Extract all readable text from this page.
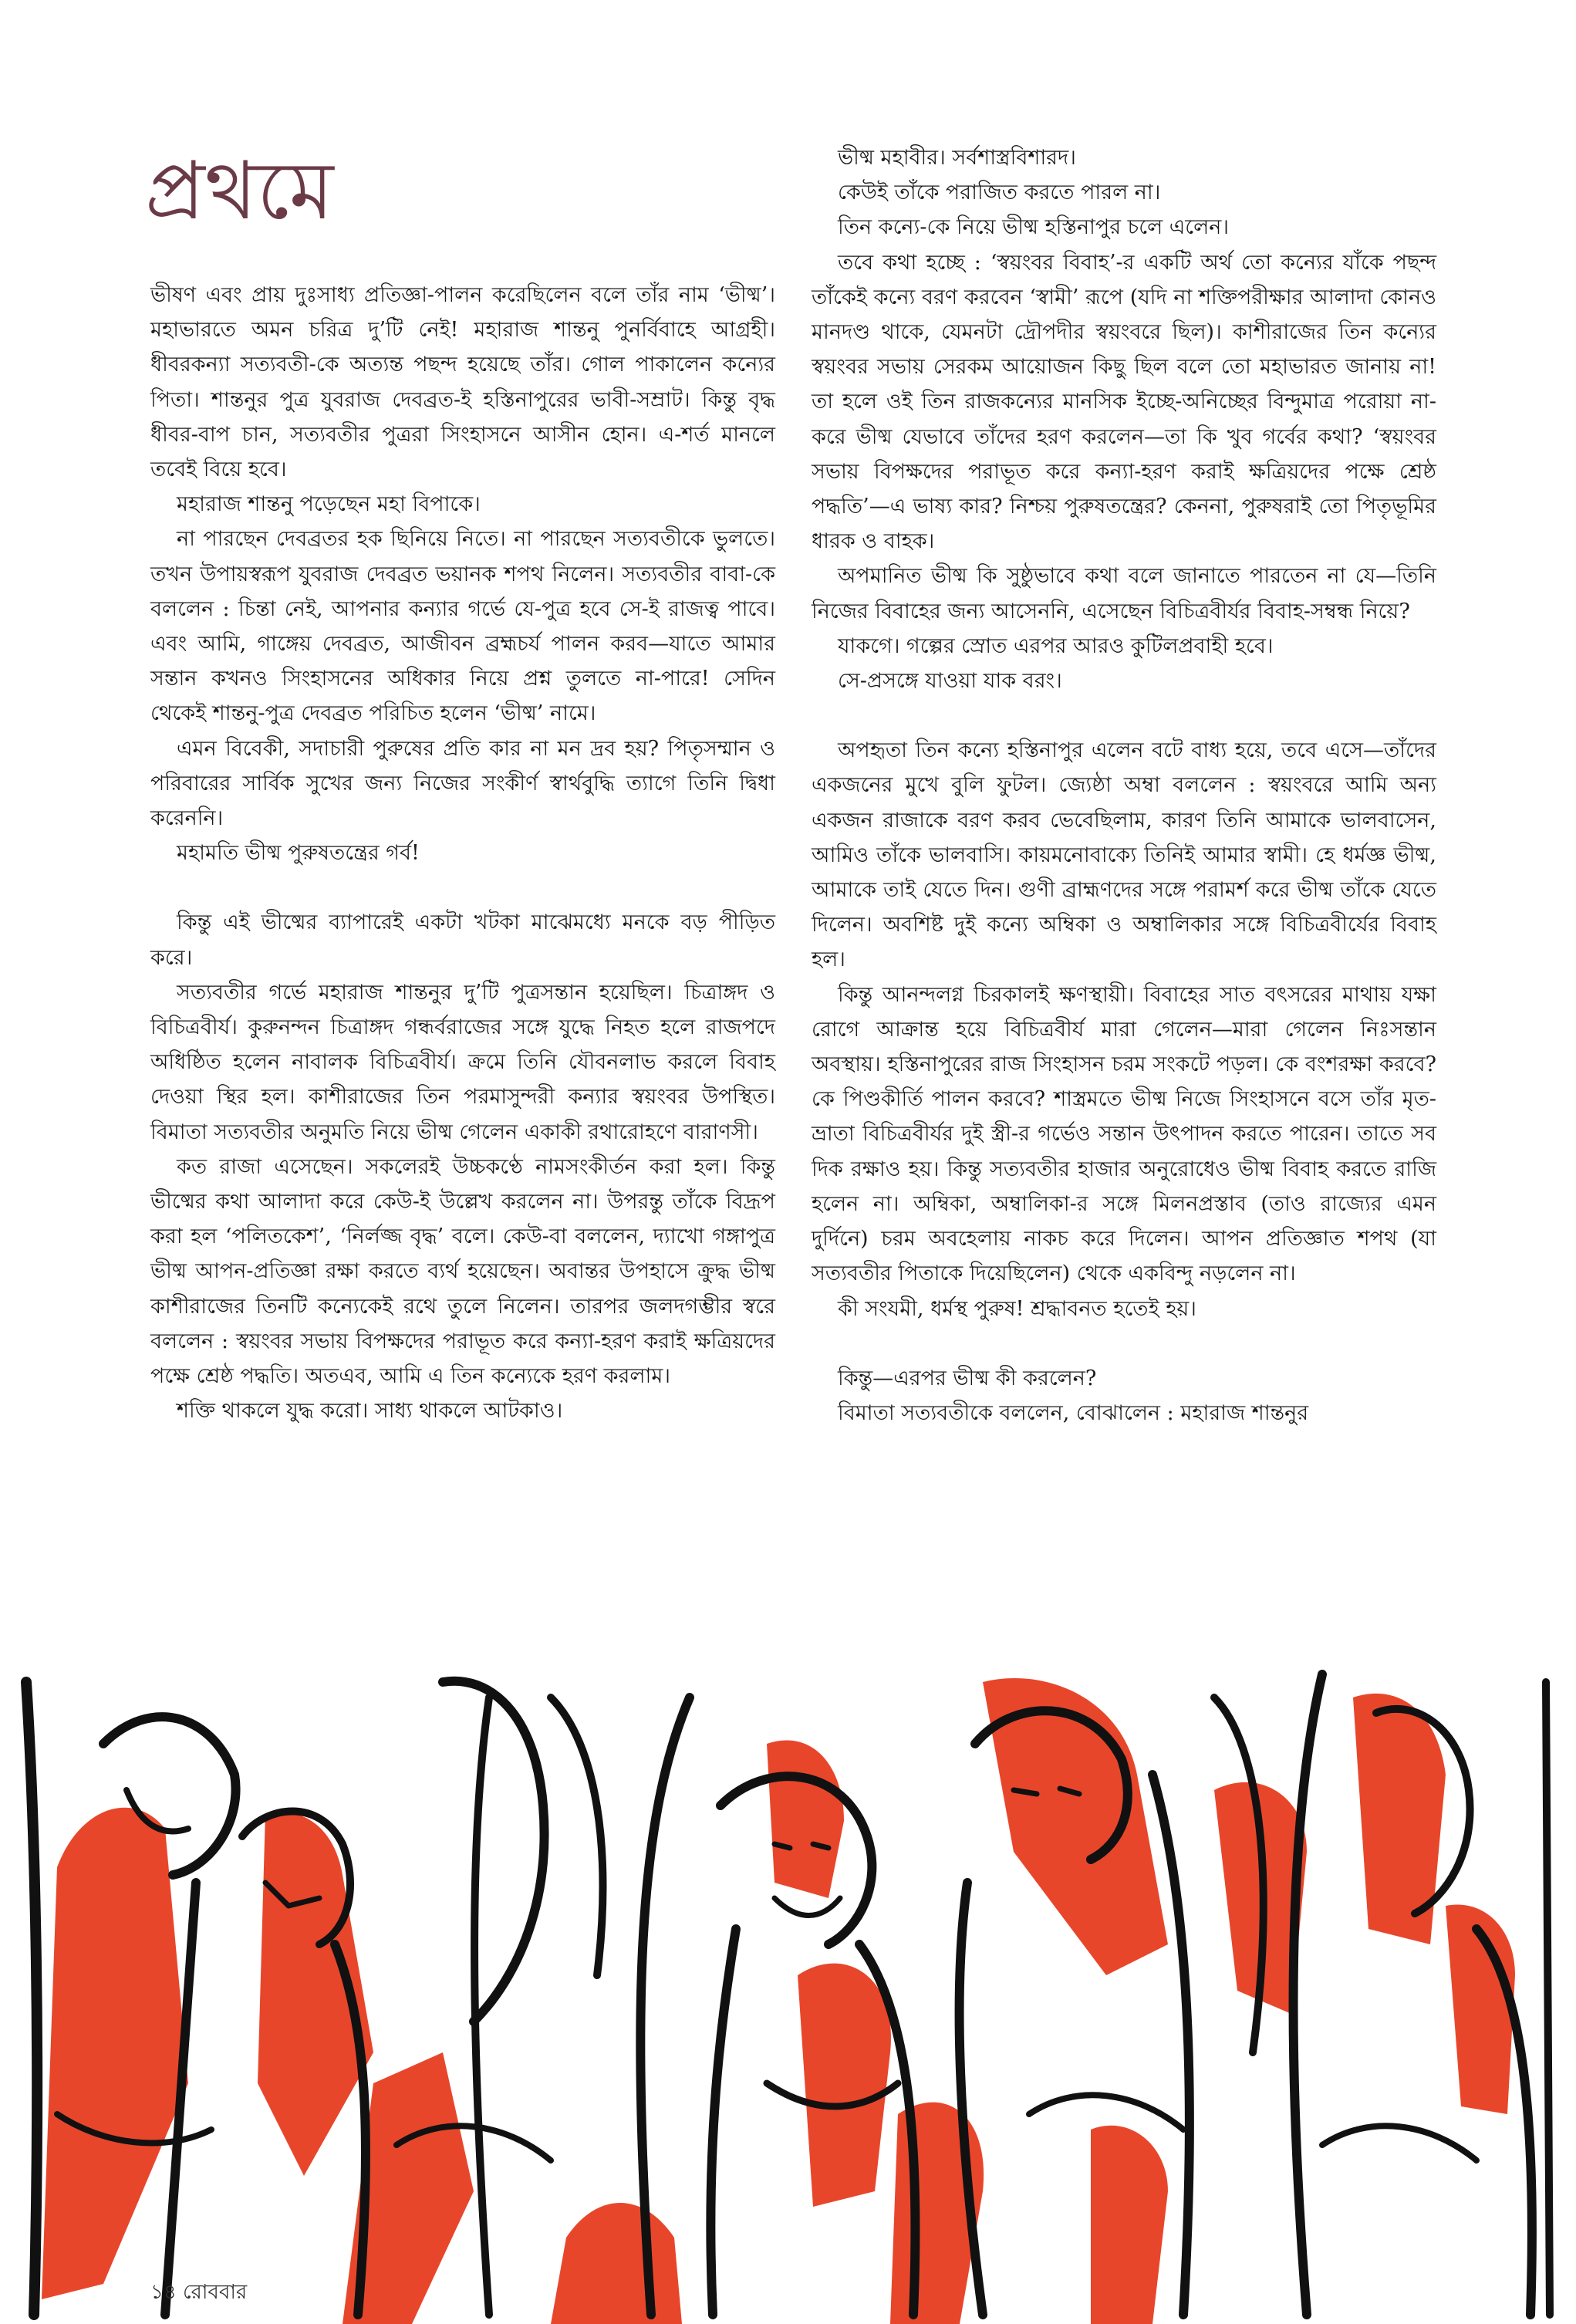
প্রথমে

ভীষণ এবং প্রায় দুঃসাধ্য প্রতিজ্ঞা-পালন করেছিলেন বলে তাঁর নাম ‘ভীষ্ম’। মহাভারতে অমন চরিত্র দু’টি নেই! মহারাজ শান্তনু পুনর্বিবাহে আগ্রহী। ধীবরকন্যা সত্যবতী-কে অত্যন্ত পছন্দ হয়েছে তাঁর। গোল পাকালেন কন্যের পিতা। শান্তনুর পুত্র যুবরাজ দেবব্রত-ই হস্তিনাপুরের ভাবী-সম্রাট। কিন্তু বৃদ্ধ ধীবর-বাপ চান, সত্যবতীর পুত্ররা সিংহাসনে আসীন হোন। এ-শর্ত মানলে তবেই বিয়ে হবে।

মহারাজ শান্তনু পড়েছেন মহা বিপাকে।

না পারছেন দেবব্রতর হক ছিনিয়ে নিতে। না পারছেন সত্যবতীকে ভুলতে। তখন উপায়স্বরূপ যুবরাজ দেবব্রত ভয়ানক শপথ নিলেন। সত্যবতীর বাবা-কে বললেন : চিন্তা নেই, আপনার কন্যার গর্ভে যে-পুত্র হবে সে-ই রাজত্ব পাবে। এবং আমি, গাঙ্গেয় দেবব্রত, আজীবন ব্রহ্মচর্য পালন করব—যাতে আমার সন্তান কখনও সিংহাসনের অধিকার নিয়ে প্রশ্ন তুলতে না-পারে! সেদিন থেকেই শান্তনু-পুত্র দেবব্রত পরিচিত হলেন ‘ভীষ্ম’ নামে।

এমন বিবেকী, সদাচারী পুরুষের প্রতি কার না মন দ্রব হয়? পিতৃসম্মান ও পরিবারের সার্বিক সুখের জন্য নিজের সংকীর্ণ স্বার্থবুদ্ধি ত্যাগে তিনি দ্বিধা করেননি।

মহামতি ভীষ্ম পুরুষতন্ত্রের গর্ব!

কিন্তু এই ভীষ্মের ব্যাপারেই একটা খটকা মাঝেমধ্যে মনকে বড় পীড়িত করে।

সত্যবতীর গর্ভে মহারাজ শান্তনুর দু’টি পুত্রসন্তান হয়েছিল। চিত্রাঙ্গদ ও বিচিত্রবীর্য। কুরুনন্দন চিত্রাঙ্গদ গন্ধর্বরাজের সঙ্গে যুদ্ধে নিহত হলে রাজপদে অধিষ্ঠিত হলেন নাবালক বিচিত্রবীর্য। ক্রমে তিনি যৌবনলাভ করলে বিবাহ দেওয়া স্থির হল। কাশীরাজের তিন পরমাসুন্দরী কন্যার স্বয়ংবর উপস্থিত। বিমাতা সত্যবতীর অনুমতি নিয়ে ভীষ্ম গেলেন একাকী রথারোহণে বারাণসী।

কত রাজা এসেছেন। সকলেরই উচ্চকণ্ঠে নামসংকীর্তন করা হল। কিন্তু ভীষ্মের কথা আলাদা করে কেউ-ই উল্লেখ করলেন না। উপরন্তু তাঁকে বিদ্রূপ করা হল ‘পলিতকেশ’, ‘নির্লজ্জ বৃদ্ধ’ বলে। কেউ-বা বললেন, দ্যাখো গঙ্গাপুত্র ভীষ্ম আপন-প্রতিজ্ঞা রক্ষা করতে ব্যর্থ হয়েছেন। অবান্তর উপহাসে ক্রুদ্ধ ভীষ্ম কাশীরাজের তিনটি কন্যেকেই রথে তুলে নিলেন। তারপর জলদগম্ভীর স্বরে বললেন : স্বয়ংবর সভায় বিপক্ষদের পরাভূত করে কন্যা-হরণ করাই ক্ষত্রিয়দের পক্ষে শ্রেষ্ঠ পদ্ধতি। অতএব, আমি এ তিন কন্যেকে হরণ করলাম।

শক্তি থাকলে যুদ্ধ করো। সাধ্য থাকলে আটকাও।

ভীষ্ম মহাবীর। সর্বশাস্ত্রবিশারদ।

কেউই তাঁকে পরাজিত করতে পারল না।

তিন কন্যে-কে নিয়ে ভীষ্ম হস্তিনাপুর চলে এলেন।

তবে কথা হচ্ছে : ‘স্বয়ংবর বিবাহ’-র একটি অর্থ তো কন্যের যাঁকে পছন্দ তাঁকেই কন্যে বরণ করবেন ‘স্বামী’ রূপে (যদি না শক্তিপরীক্ষার আলাদা কোনও মানদণ্ড থাকে, যেমনটা দ্রৌপদীর স্বয়ংবরে ছিল)। কাশীরাজের তিন কন্যের স্বয়ংবর সভায় সেরকম আয়োজন কিছু ছিল বলে তো মহাভারত জানায় না! তা হলে ওই তিন রাজকন্যের মানসিক ইচ্ছে-অনিচ্ছের বিন্দুমাত্র পরোয়া না-করে ভীষ্ম যেভাবে তাঁদের হরণ করলেন—তা কি খুব গর্বের কথা? ‘স্বয়ংবর সভায় বিপক্ষদের পরাভূত করে কন্যা-হরণ করাই ক্ষত্রিয়দের পক্ষে শ্রেষ্ঠ পদ্ধতি’—এ ভাষ্য কার? নিশ্চয় পুরুষতন্ত্রের? কেননা, পুরুষরাই তো পিতৃভূমির ধারক ও বাহক।

অপমানিত ভীষ্ম কি সুষ্ঠুভাবে কথা বলে জানাতে পারতেন না যে—তিনি নিজের বিবাহের জন্য আসেননি, এসেছেন বিচিত্রবীর্যর বিবাহ-সম্বন্ধ নিয়ে?

যাকগে। গল্পের স্রোত এরপর আরও কুটিলপ্রবাহী হবে।

সে-প্রসঙ্গে যাওয়া যাক বরং।

অপহৃতা তিন কন্যে হস্তিনাপুর এলেন বটে বাধ্য হয়ে, তবে এসে—তাঁদের একজনের মুখে বুলি ফুটল। জ্যেষ্ঠা অম্বা বললেন : স্বয়ংবরে আমি অন্য একজন রাজাকে বরণ করব ভেবেছিলাম, কারণ তিনি আমাকে ভালবাসেন, আমিও তাঁকে ভালবাসি। কায়মনোবাক্যে তিনিই আমার স্বামী। হে ধর্মজ্ঞ ভীষ্ম, আমাকে তাই যেতে দিন। গুণী ব্রাহ্মণদের সঙ্গে পরামর্শ করে ভীষ্ম তাঁকে যেতে দিলেন। অবশিষ্ট দুই কন্যে অম্বিকা ও অম্বালিকার সঙ্গে বিচিত্রবীর্যের বিবাহ হল।

কিন্তু আনন্দলগ্ন চিরকালই ক্ষণস্থায়ী। বিবাহের সাত বৎসরের মাথায় যক্ষা রোগে আক্রান্ত হয়ে বিচিত্রবীর্য মারা গেলেন—মারা গেলেন নিঃসন্তান অবস্থায়। হস্তিনাপুরের রাজ সিংহাসন চরম সংকটে পড়ল। কে বংশরক্ষা করবে? কে পিণ্ডকীর্তি পালন করবে? শাস্ত্রমতে ভীষ্ম নিজে সিংহাসনে বসে তাঁর মৃত-ভ্রাতা বিচিত্রবীর্যর দুই স্ত্রী-র গর্ভেও সন্তান উৎপাদন করতে পারেন। তাতে সব দিক রক্ষাও হয়। কিন্তু সত্যবতীর হাজার অনুরোধেও ভীষ্ম বিবাহ করতে রাজি হলেন না। অম্বিকা, অম্বালিকা-র সঙ্গে মিলনপ্রস্তাব (তাও রাজ্যের এমন দুর্দিনে) চরম অবহেলায় নাকচ করে দিলেন। আপন প্রতিজ্ঞাত শপথ (যা সত্যবতীর পিতাকে দিয়েছিলেন) থেকে একবিন্দু নড়লেন না।

কী সংযমী, ধর্মস্থ পুরুষ! শ্রদ্ধাবনত হতেই হয়।

কিন্তু—এরপর ভীষ্ম কী করলেন?

বিমাতা সত্যবতীকে বললেন, বোঝালেন : মহারাজ শান্তনুর

১৪ রোববার
